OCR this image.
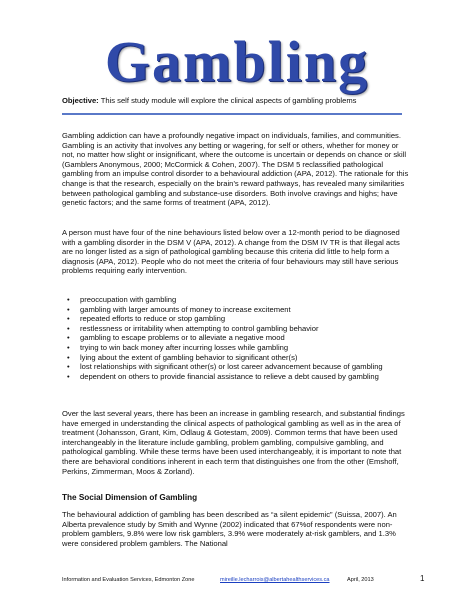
Gambling
Objective: This self study module will explore the clinical aspects of gambling problems

Gambling addiction can have a profoundly negative impact on individuals, families, and communities. Gambling is an activity that involves any betting or wagering, for self or others, whether for money or not, no matter how slight or insignificant, where the outcome is uncertain or depends on chance or skill (Gamblers Anonymous, 2000; McCormick & Cohen, 2007). The DSM 5 reclassified pathological gambling from an impulse control disorder to a behavioural addiction (APA, 2012). The rationale for this change is that the research, especially on the brain’s reward pathways, has revealed many similarities between pathological gambling and substance-use disorders. Both involve cravings and highs; have genetic factors; and the same forms of treatment (APA, 2012).

A person must have four of the nine behaviours listed below over a 12-month period to be diagnosed with a gambling disorder in the DSM V (APA, 2012). A change from the DSM IV TR is that illegal acts are no longer listed as a sign of pathological gambling because this criteria did little to help form a diagnosis (APA, 2012). People who do not meet the criteria of four behaviours may still have serious problems requiring early intervention.

• preoccupation with gambling
• gambling with larger amounts of money to increase excitement
• repeated efforts to reduce or stop gambling
• restlessness or irritability when attempting to control gambling behavior
• gambling to escape problems or to alleviate a negative mood
• trying to win back money after incurring losses while gambling
• lying about the extent of gambling behavior to significant other(s)
• lost relationships with significant other(s) or lost career advancement because of gambling
• dependent on others to provide financial assistance to relieve a debt caused by gambling

Over the last several years, there has been an increase in gambling research, and substantial findings have emerged in understanding the clinical aspects of pathological gambling as well as in the area of treatment (Johansson, Grant, Kim, Odlaug & Gotestam, 2009). Common terms that have been used interchangeably in the literature include gambling, problem gambling, compulsive gambling, and pathological gambling. While these terms have been used interchangeably, it is important to note that there are behavioral conditions inherent in each term that distinguishes one from the other (Emshoff, Perkins, Zimmerman, Moos & Zorland).

The Social Dimension of Gambling

The behavioural addiction of gambling has been described as “a silent epidemic” (Suissa, 2007). An Alberta prevalence study by Smith and Wynne (2002) indicated that 67%of respondents were non-problem gamblers, 9.8% were low risk gamblers, 3.9% were moderately at-risk gamblers, and 1.3% were considered problem gamblers. The National

Information and Evaluation Services, Edmonton Zone	mireille.lecharrois@albertahealthservices.ca	April, 2013	1
